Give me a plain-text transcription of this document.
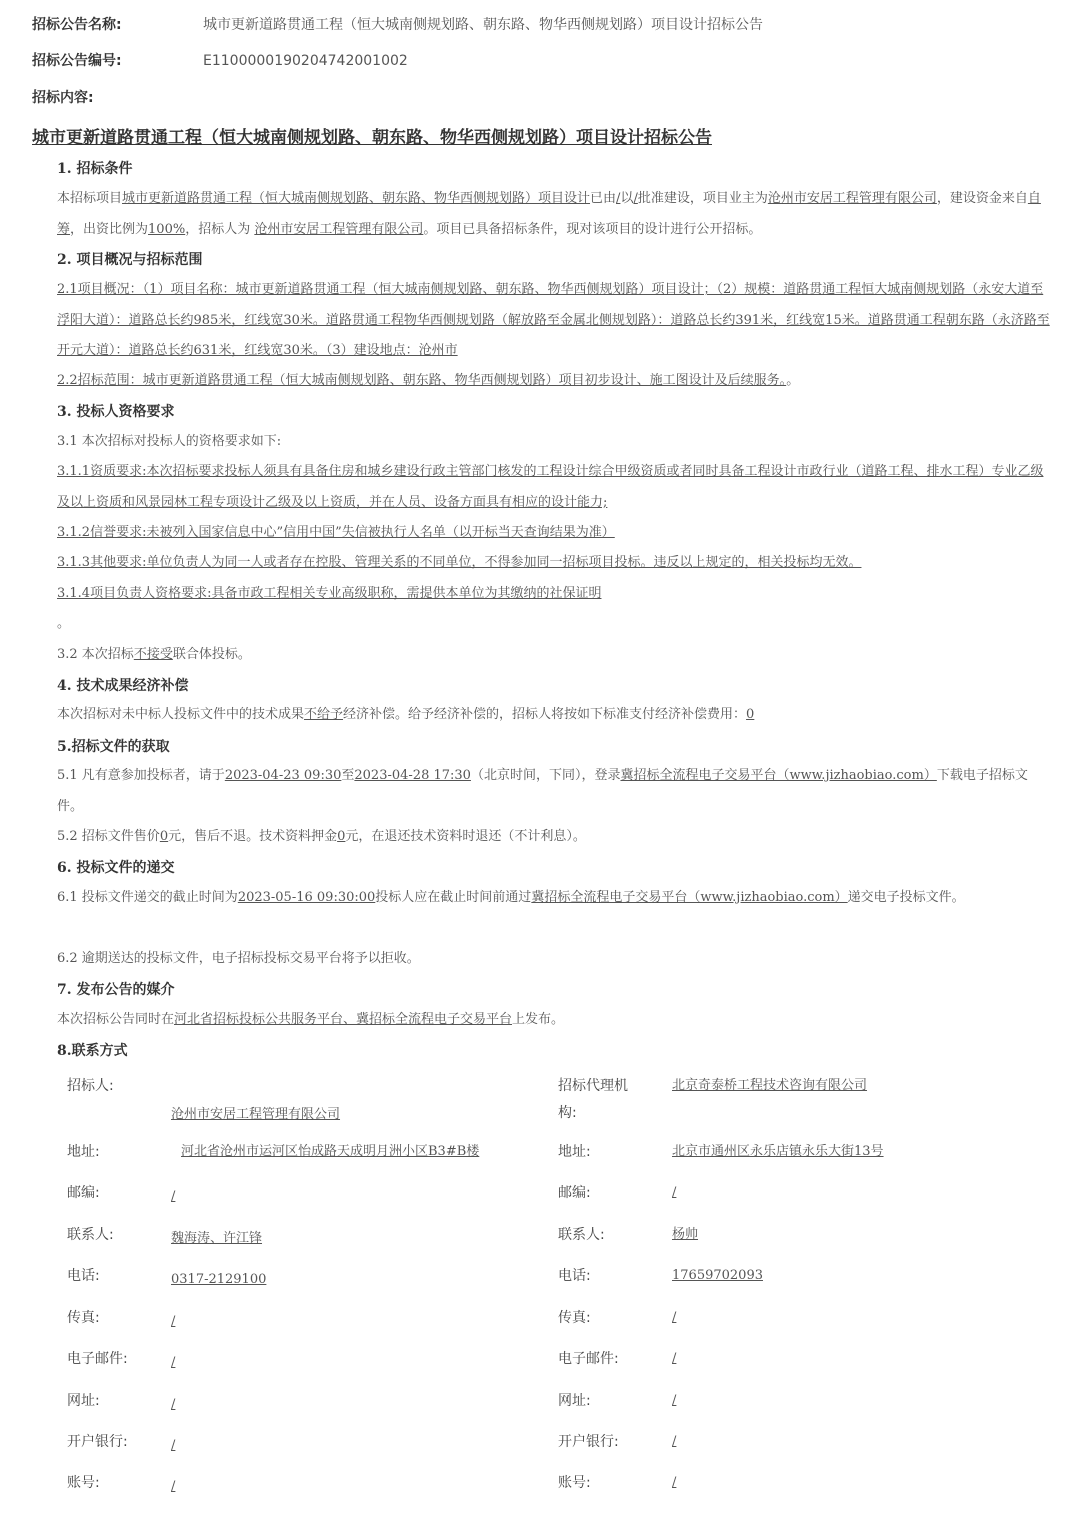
招标公告名称:	城市更新道路贯通工程（恒大城南侧规划路、朝东路、物华西侧规划路）项目设计招标公告
招标公告编号:	E1100000190204742001002
招标内容:
城市更新道路贯通工程（恒大城南侧规划路、朝东路、物华西侧规划路）项目设计招标公告
1. 招标条件
本招标项目城市更新道路贯通工程（恒大城南侧规划路、朝东路、物华西侧规划路）项目设计已由/以/批准建设，项目业主为沧州市安居工程管理有限公司，建设资金来自自筹，出资比例为100%，招标人为 沧州市安居工程管理有限公司。项目已具备招标条件，现对该项目的设计进行公开招标。
2. 项目概况与招标范围
2.1项目概况：（1）项目名称：城市更新道路贯通工程（恒大城南侧规划路、朝东路、物华西侧规划路）项目设计；（2）规模：道路贯通工程恒大城南侧规划路（永安大道至浮阳大道）：道路总长约985米，红线宽30米。道路贯通工程物华西侧规划路（解放路至金属北侧规划路）：道路总长约391米，红线宽15米。道路贯通工程朝东路（永济路至开元大道）：道路总长约631米，红线宽30米。（3）建设地点：沧州市
2.2招标范围：城市更新道路贯通工程（恒大城南侧规划路、朝东路、物华西侧规划路）项目初步设计、施工图设计及后续服务。。
3. 投标人资格要求
3.1 本次招标对投标人的资格要求如下:
3.1.1资质要求:本次招标要求投标人须具有具备住房和城乡建设行政主管部门核发的工程设计综合甲级资质或者同时具备工程设计市政行业（道路工程、排水工程）专业乙级及以上资质和风景园林工程专项设计乙级及以上资质，并在人员、设备方面具有相应的设计能力;
3.1.2信誉要求:未被列入国家信息中心”信用中国”失信被执行人名单（以开标当天查询结果为准）
3.1.3其他要求:单位负责人为同一人或者存在控股、管理关系的不同单位，不得参加同一招标项目投标。违反以上规定的，相关投标均无效。
3.1.4项目负责人资格要求:具备市政工程相关专业高级职称，需提供本单位为其缴纳的社保证明
。
3.2 本次招标不接受联合体投标。
4. 技术成果经济补偿
本次招标对未中标人投标文件中的技术成果不给予经济补偿。给予经济补偿的，招标人将按如下标准支付经济补偿费用：0
5.招标文件的获取
5.1 凡有意参加投标者，请于2023-04-23 09:30至2023-04-28 17:30（北京时间，下同），登录冀招标全流程电子交易平台（www.jizhaobiao.com）下载电子招标文件。
5.2 招标文件售价0元，售后不退。技术资料押金0元，在退还技术资料时退还（不计利息）。
6. 投标文件的递交
6.1 投标文件递交的截止时间为2023-05-16 09:30:00投标人应在截止时间前通过冀招标全流程电子交易平台（www.jizhaobiao.com）递交电子投标文件。
6.2 逾期送达的投标文件，电子招标投标交易平台将予以拒收。
7. 发布公告的媒介
本次招标公告同时在河北省招标投标公共服务平台、冀招标全流程电子交易平台上发布。
8.联系方式
招标人:
沧州市安居工程管理有限公司
地址:	河北省沧州市运河区怡成路天成明月洲小区B3#B楼
邮编:	/
联系人:	魏海涛、许江锋
电话:	0317-2129100
传真:	/
电子邮件:	/
网址:	/
开户银行:	/
账号:	/
招标代理机
构:
北京奇泰桥工程技术咨询有限公司
地址:	北京市通州区永乐店镇永乐大街13号
邮编:	/
联系人:	杨帅
电话:	17659702093
传真:	/
电子邮件:	/
网址:	/
开户银行:	/
账号:	/
